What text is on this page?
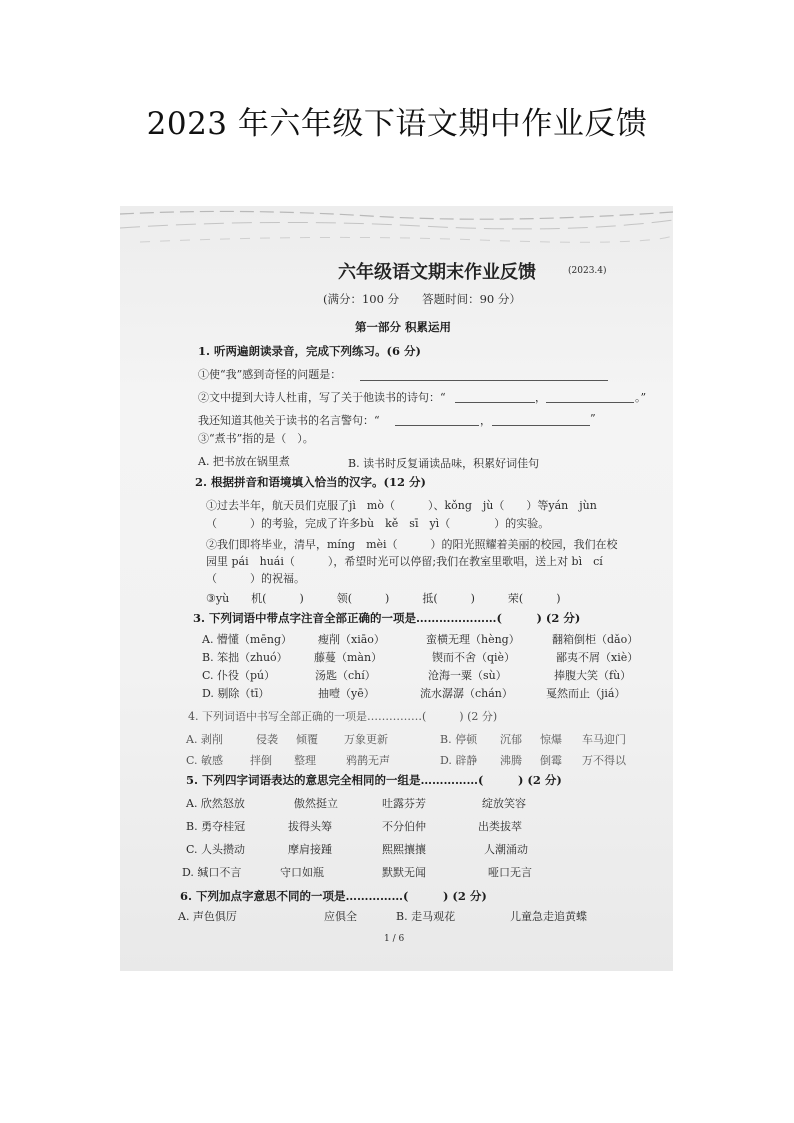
2023 年六年级下语文期中作业反馈
六年级语文期末作业反馈	(2023.4)
(满分：100 分　　答题时间：90 分）
第一部分 积累运用
1. 听两遍朗读录音，完成下列练习。(6 分)
①使“我”感到奇怪的问题是：
②文中提到大诗人杜甫，写了关于他读书的诗句：“	，	。”
我还知道其他关于读书的名言警句：“	，	”
③“煮书”指的是（　）。
A. 把书放在锅里煮	B. 读书时反复诵读品味，积累好词佳句
2. 根据拼音和语境填入恰当的汉字。(12 分)
①过去半年，航天员们克服了jì　mò（　　　）、kǒng　jù（　　）等yán　jùn
（　　　）的考验，完成了许多bù　kě　sī　yì（　　　　）的实验。
②我们即将毕业，清早，míng　mèi（　　　）的阳光照耀着美丽的校园，我们在校
园里 pái　huái（　　　），希望时光可以停留;我们在教室里歌唱，送上对 bì　cí
（　　　）的祝福。
③yù　　机(　　　)　　　领(　　　)　　　抵(　　　)　　　荣(　　　)
3. 下列词语中带点字注音全部正确的一项是…………………(　　　) (2 分)
A. 懵懂（mēng） 瘦削（xiāo）	蛮横无理（hèng）	翻箱倒柜（dǎo）
B. 笨拙（zhuó） 藤蔓（màn）	锲而不舍（qiè）	鄙夷不屑（xiè）
C. 仆役（pú）	汤匙（chí）	沧海一粟（sù）	捧腹大笑（fù）
D. 剔除（tī）	抽噎（yē）	流水潺潺（chán）	戛然而止（jiá）
4. 下列词语中书写全部正确的一项是……………(　　　) (2 分)
A. 剥削	侵袭 倾覆 万象更新	B. 停顿 沉郁 惊爆 车马迎门
C. 敏感 拌倒 整理	鸦鹊无声	D. 辟静 沸腾 倒霉 万不得以
5. 下列四字词语表达的意思完全相同的一组是……………(　　　) (2 分)
A. 欣然怒放	傲然挺立	吐露芬芳	绽放笑容
B. 勇夺桂冠	拔得头筹	不分伯仲	出类拔萃
C. 人头攒动	摩肩接踵	熙熙攘攘	人潮涌动
D. 缄口不言	守口如瓶	默默无闻	哑口无言
6. 下列加点字意思不同的一项是……………(　　　) (2 分)
A. 声色俱厉	应俱全	B. 走马观花	儿童急走追黄蝶
1 / 6
